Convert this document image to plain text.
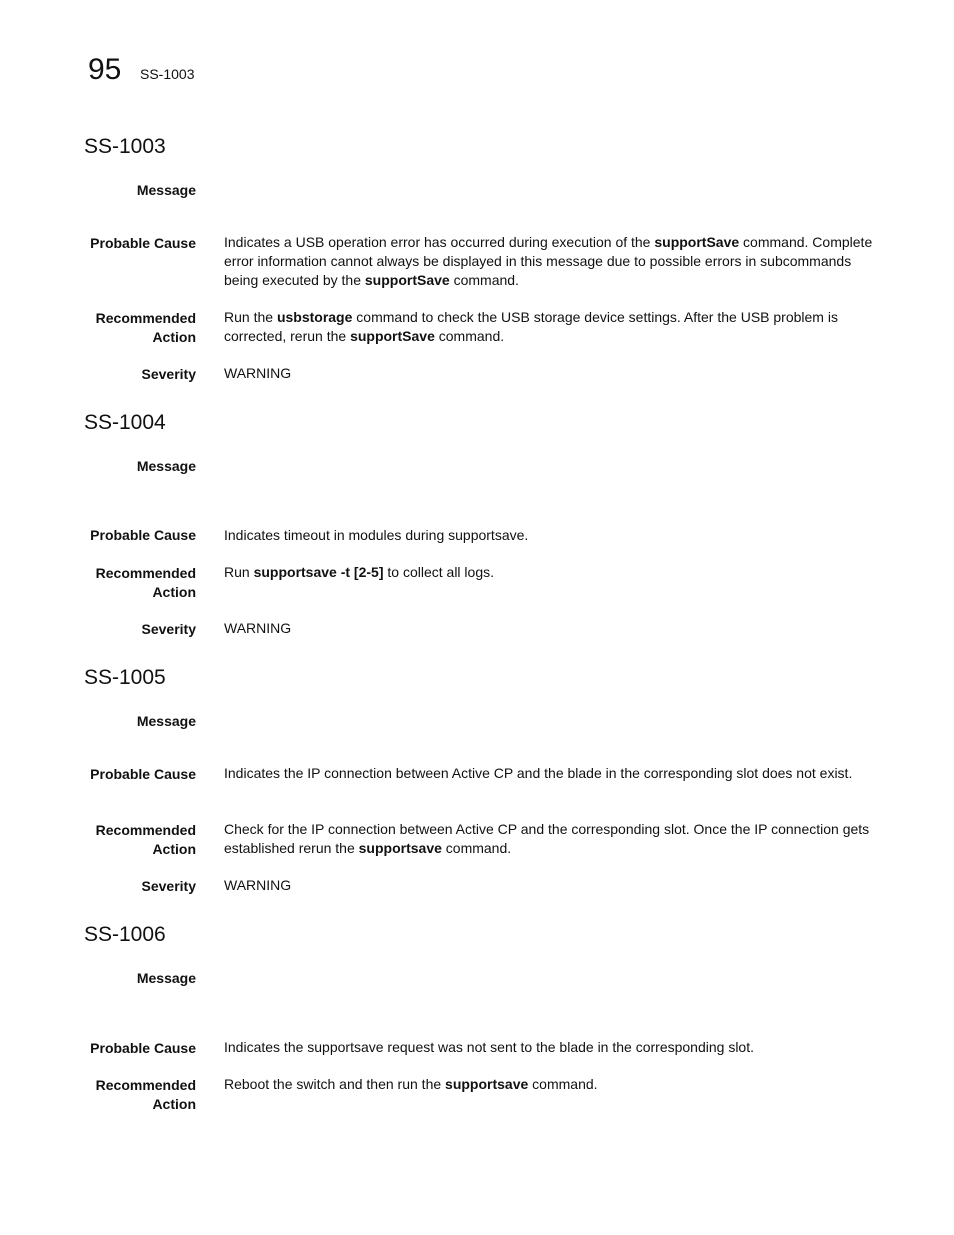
95 SS-1003
SS-1003
Message
Probable Cause Indicates a USB operation error has occurred during execution of the supportSave command. Complete error information cannot always be displayed in this message due to possible errors in subcommands being executed by the supportSave command.
Recommended
Action
Run the usbstorage command to check the USB storage device settings. After the USB problem is corrected, rerun the supportSave command.
Severity WARNING
SS-1004
Message
Probable Cause Indicates timeout in modules during supportsave.
Recommended
Action
Run supportsave -t [2-5] to collect all logs.
Severity WARNING
SS-1005
Message
Probable Cause Indicates the IP connection between Active CP and the blade in the corresponding slot does not exist.
Recommended
Action
Check for the IP connection between Active CP and the corresponding slot. Once the IP connection gets established rerun the supportsave command.
Severity WARNING
SS-1006
Message
Probable Cause Indicates the supportsave request was not sent to the blade in the corresponding slot.
Recommended
Action
Reboot the switch and then run the supportsave command.
